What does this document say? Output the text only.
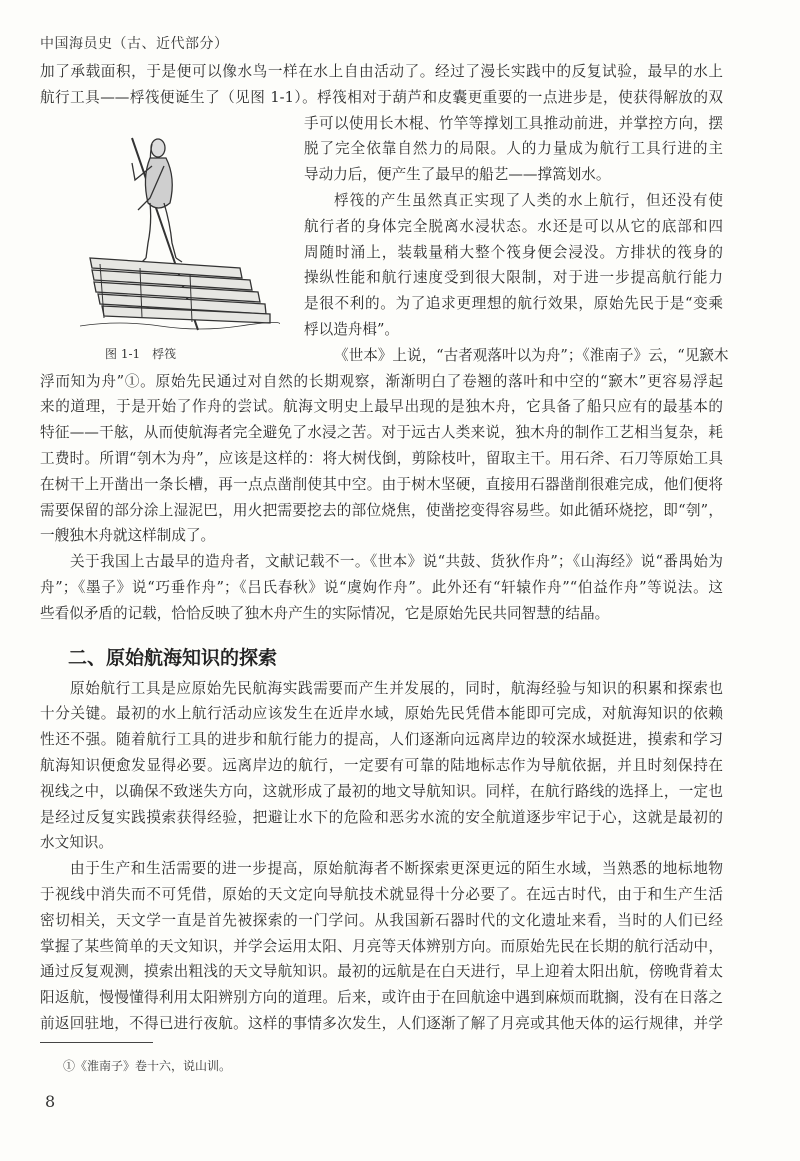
中国海员史（古、近代部分）
图 1-1　桴筏
加了承载面积，于是便可以像水鸟一样在水上自由活动了。经过了漫长实践中的反复试验，最早的水上
航行工具——桴筏便诞生了（见图 1-1）。桴筏相对于葫芦和皮囊更重要的一点进步是，使获得解放的双
手可以使用长木棍、竹竿等撑划工具推动前进，并掌控方向，摆
脱了完全依靠自然力的局限。人的力量成为航行工具行进的主
导动力后，便产生了最早的船艺——撑篙划水。
桴筏的产生虽然真正实现了人类的水上航行，但还没有使
航行者的身体完全脱离水浸状态。水还是可以从它的底部和四
周随时涌上，装载量稍大整个筏身便会浸没。方排状的筏身的
操纵性能和航行速度受到很大限制，对于进一步提高航行能力
是很不利的。为了追求更理想的航行效果，原始先民于是“变乘
桴以造舟楫”。
《世本》上说，“古者观落叶以为舟”；《淮南子》云，“见窾木
浮而知为舟”①。原始先民通过对自然的长期观察，渐渐明白了卷翘的落叶和中空的“窾木”更容易浮起
来的道理，于是开始了作舟的尝试。航海文明史上最早出现的是独木舟，它具备了船只应有的最基本的
特征——干舷，从而使航海者完全避免了水浸之苦。对于远古人类来说，独木舟的制作工艺相当复杂，耗
工费时。所谓“刳木为舟”，应该是这样的：将大树伐倒，剪除枝叶，留取主干。用石斧、石刀等原始工具
在树干上开凿出一条长槽，再一点点凿削使其中空。由于树木坚硬，直接用石器凿削很难完成，他们便将
需要保留的部分涂上湿泥巴，用火把需要挖去的部位烧焦，使凿挖变得容易些。如此循环烧挖，即“刳”，
一艘独木舟就这样制成了。
关于我国上古最早的造舟者，文献记载不一。《世本》说“共鼓、货狄作舟”；《山海经》说“番禺始为
舟”；《墨子》说“巧垂作舟”；《吕氏春秋》说“虞姁作舟”。此外还有“轩辕作舟”“伯益作舟”等说法。这
些看似矛盾的记载，恰恰反映了独木舟产生的实际情况，它是原始先民共同智慧的结晶。
二、原始航海知识的探索
原始航行工具是应原始先民航海实践需要而产生并发展的，同时，航海经验与知识的积累和探索也
十分关键。最初的水上航行活动应该发生在近岸水域，原始先民凭借本能即可完成，对航海知识的依赖
性还不强。随着航行工具的进步和航行能力的提高，人们逐渐向远离岸边的较深水域挺进，摸索和学习
航海知识便愈发显得必要。远离岸边的航行，一定要有可靠的陆地标志作为导航依据，并且时刻保持在
视线之中，以确保不致迷失方向，这就形成了最初的地文导航知识。同样，在航行路线的选择上，一定也
是经过反复实践摸索获得经验，把避让水下的危险和恶劣水流的安全航道逐步牢记于心，这就是最初的
水文知识。
由于生产和生活需要的进一步提高，原始航海者不断探索更深更远的陌生水域，当熟悉的地标地物
于视线中消失而不可凭借，原始的天文定向导航技术就显得十分必要了。在远古时代，由于和生产生活
密切相关，天文学一直是首先被探索的一门学问。从我国新石器时代的文化遗址来看，当时的人们已经
掌握了某些简单的天文知识，并学会运用太阳、月亮等天体辨别方向。而原始先民在长期的航行活动中，
通过反复观测，摸索出粗浅的天文导航知识。最初的远航是在白天进行，早上迎着太阳出航，傍晚背着太
阳返航，慢慢懂得利用太阳辨别方向的道理。后来，或许由于在回航途中遇到麻烦而耽搁，没有在日落之
前返回驻地，不得已进行夜航。这样的事情多次发生，人们逐渐了解了月亮或其他天体的运行规律，并学
①《淮南子》卷十六，说山训。
8
